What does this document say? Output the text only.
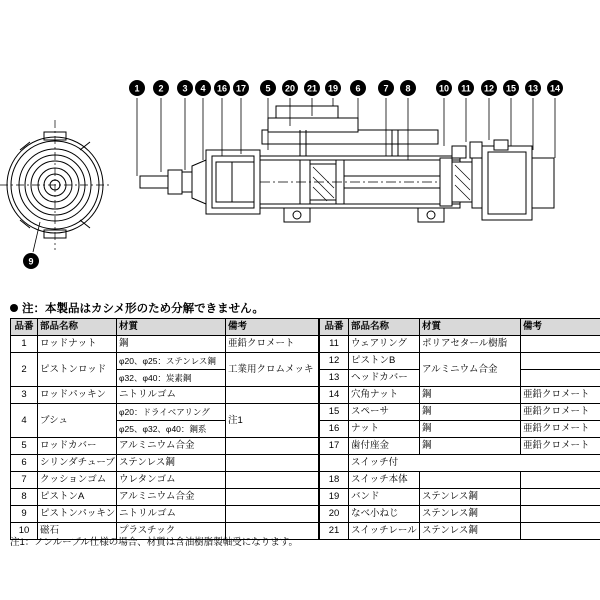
1 2 3 4 16 17 5 20 21 19 6	7 8	10 11 12 15 13 14
9
注：本製品はカシメ形のため分解できません。
品番	部品名称	材質	備考
1	ロッドナット	鋼	亜鉛クロメート
2	ピストンロッド	φ20、φ25：ステンレス鋼	工業用クロムメッキ
		φ32、φ40：炭素鋼	
3	ロッドパッキン	ニトリルゴム	
4	ブシュ	φ20：ドライベアリング	注1
		φ25、φ32、φ40：鋼系	
5	ロッドカバー	アルミニウム合金	
6	シリンダチューブ	ステンレス鋼	
7	クッションゴム	ウレタンゴム	
8	ピストンA	アルミニウム合金	
9	ピストンパッキン	ニトリルゴム	
10	磁石	プラスチック	
品番	部品名称	材質	備考
11	ウェアリング	ポリアセタール樹脂	
12	ピストンB	アルミニウム合金	
13	ヘッドカバー		
14	穴角ナット	鋼	亜鉛クロメート
15	スペーサ	鋼	亜鉛クロメート
16	ナット	鋼	亜鉛クロメート
17	歯付座金	鋼	亜鉛クロメート
	スイッチ付		
18	スイッチ本体		
19	バンド	ステンレス鋼	
20	なべ小ねじ	ステンレス鋼	
21	スイッチレール	ステンレス鋼	
注1：ノンルーブル仕様の場合、材質は含油樹脂製軸受になります。
